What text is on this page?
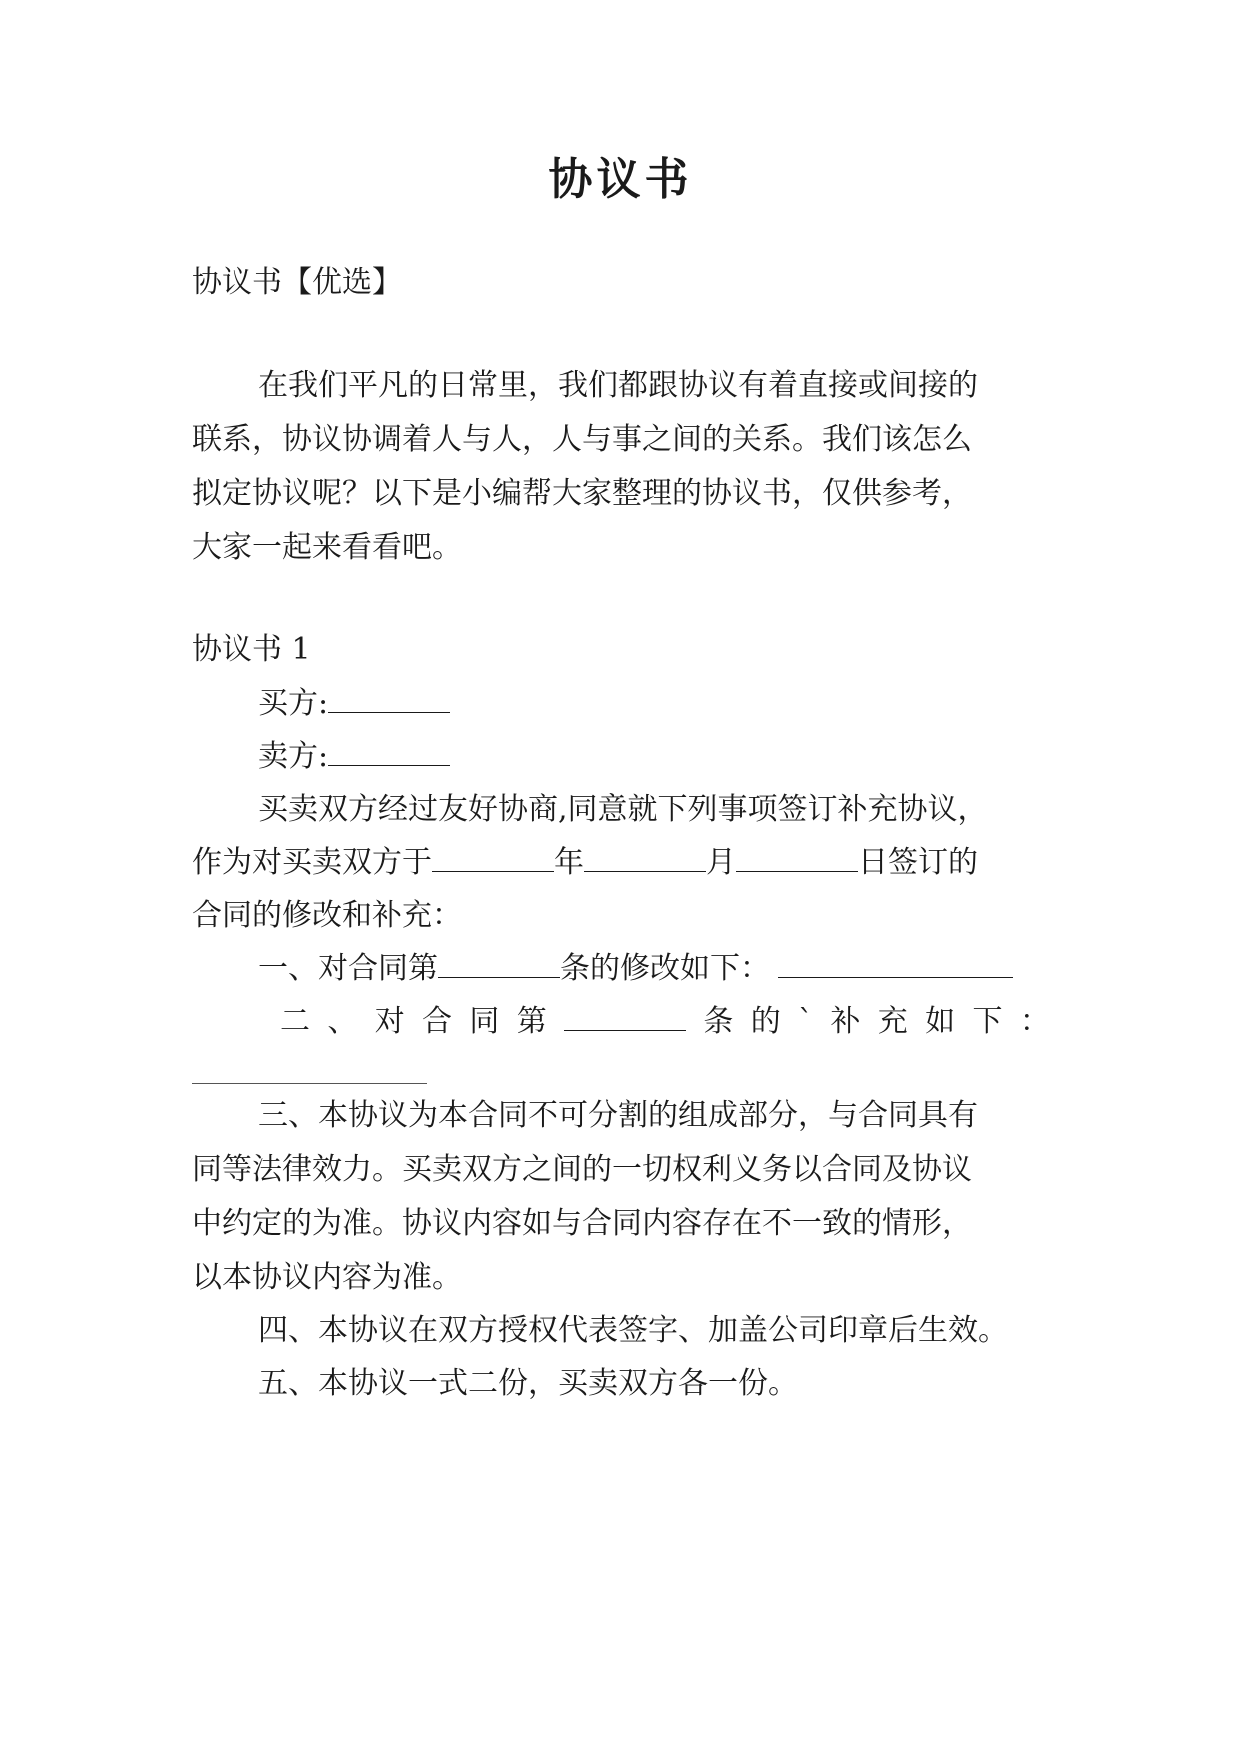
协议书
协议书【优选】
在我们平凡的日常里，我们都跟协议有着直接或间接的
联系，协议协调着人与人，人与事之间的关系。我们该怎么
拟定协议呢？以下是小编帮大家整理的协议书，仅供参考，
大家一起来看看吧。
协议书 1
买方:
卖方:
买卖双方经过友好协商,同意就下列事项签订补充协议，
作为对买卖双方于	年	月	日签订的
合同的修改和补充：
一、对合同第	条的修改如下：
二 、 对 合 同 第	条 的 ` 补 充 如 下 ：
三、本协议为本合同不可分割的组成部分，与合同具有
同等法律效力。买卖双方之间的一切权利义务以合同及协议
中约定的为准。协议内容如与合同内容存在不一致的情形，
以本协议内容为准。
四、本协议在双方授权代表签字、加盖公司印章后生效。
五、本协议一式二份，买卖双方各一份。
